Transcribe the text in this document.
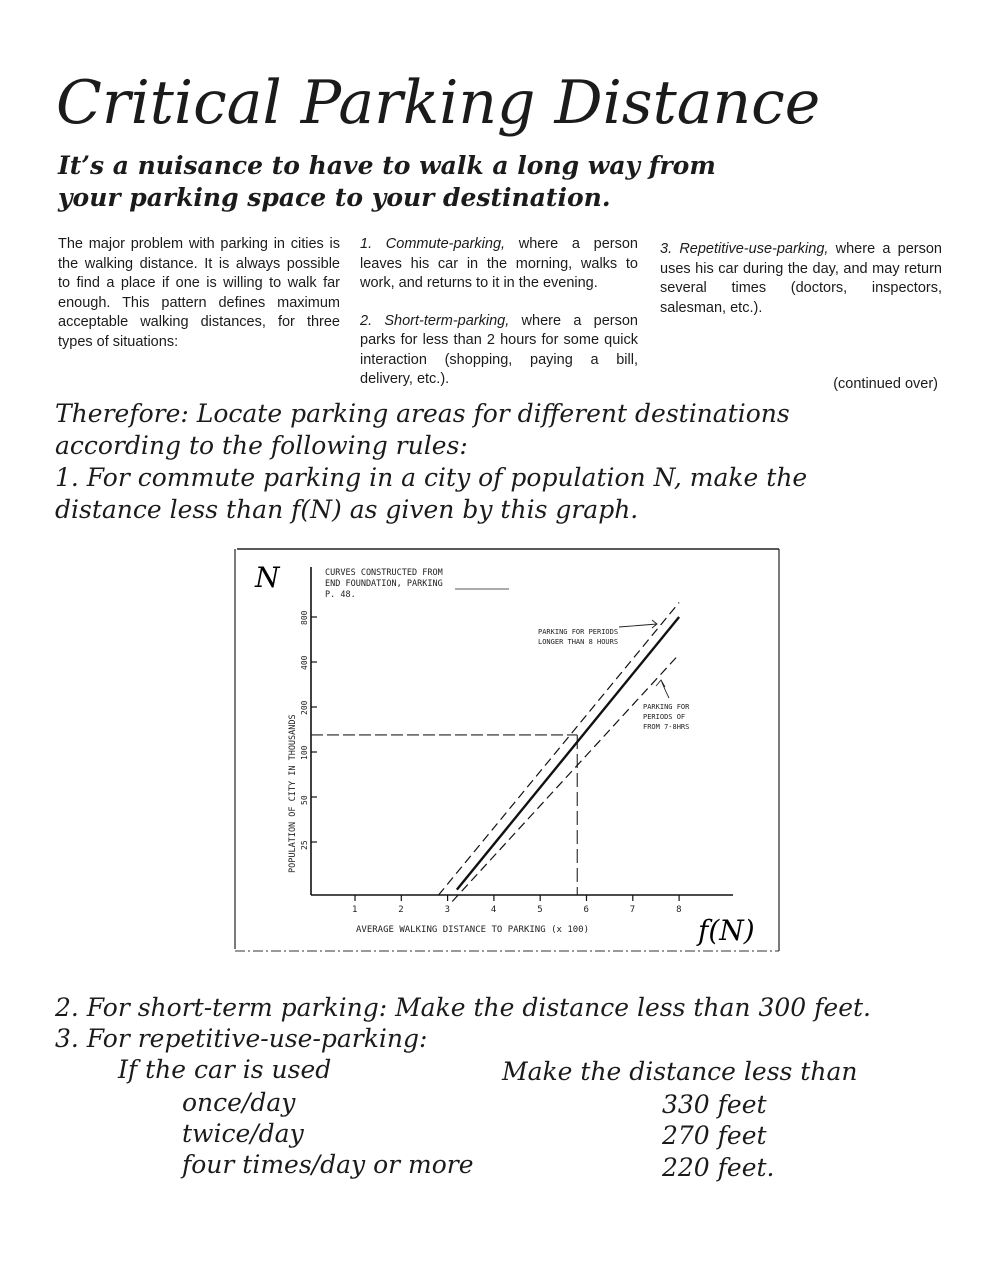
Critical Parking Distance
It’s a nuisance to have to walk a long way from your parking space to your destination.

The major problem with parking in cities is the walking distance. It is always possible to find a place if one is willing to walk far enough. This pattern defines maximum acceptable walking distances, for three types of situations:

1. Commute-parking, where a person leaves his car in the morning, walks to work, and returns to it in the evening.

2. Short-term-parking, where a person parks for less than 2 hours for some quick interaction (shopping, paying a bill, delivery, etc.).

3. Repetitive-use-parking, where a person uses his car during the day, and may return several times (doctors, inspectors, salesman, etc.).

(continued over)
Therefore: Locate parking areas for different destinations
according to the following rules:
1. For commute parking in a city of population N, make the
distance less than f(N) as given by this graph.
1	2	3	4	5	6	7	8
25
50
100
200
400
800
N
f(N)
CURVES CONSTRUCTED FROM
END FOUNDATION, PARKING
P. 48.
PARKING FOR PERIODS
LONGER THAN 8 HOURS
PARKING FOR
PERIODS OF
FROM 7-8HRS
AVERAGE WALKING DISTANCE TO PARKING (x 100)
POPULATION OF CITY IN THOUSANDS
2. For short-term parking: Make the distance less than 300 feet.
3. For repetitive-use-parking:
If the car is used	Make the distance less than
once/day	330 feet
twice/day	270 feet
four times/day or more	220 feet.
